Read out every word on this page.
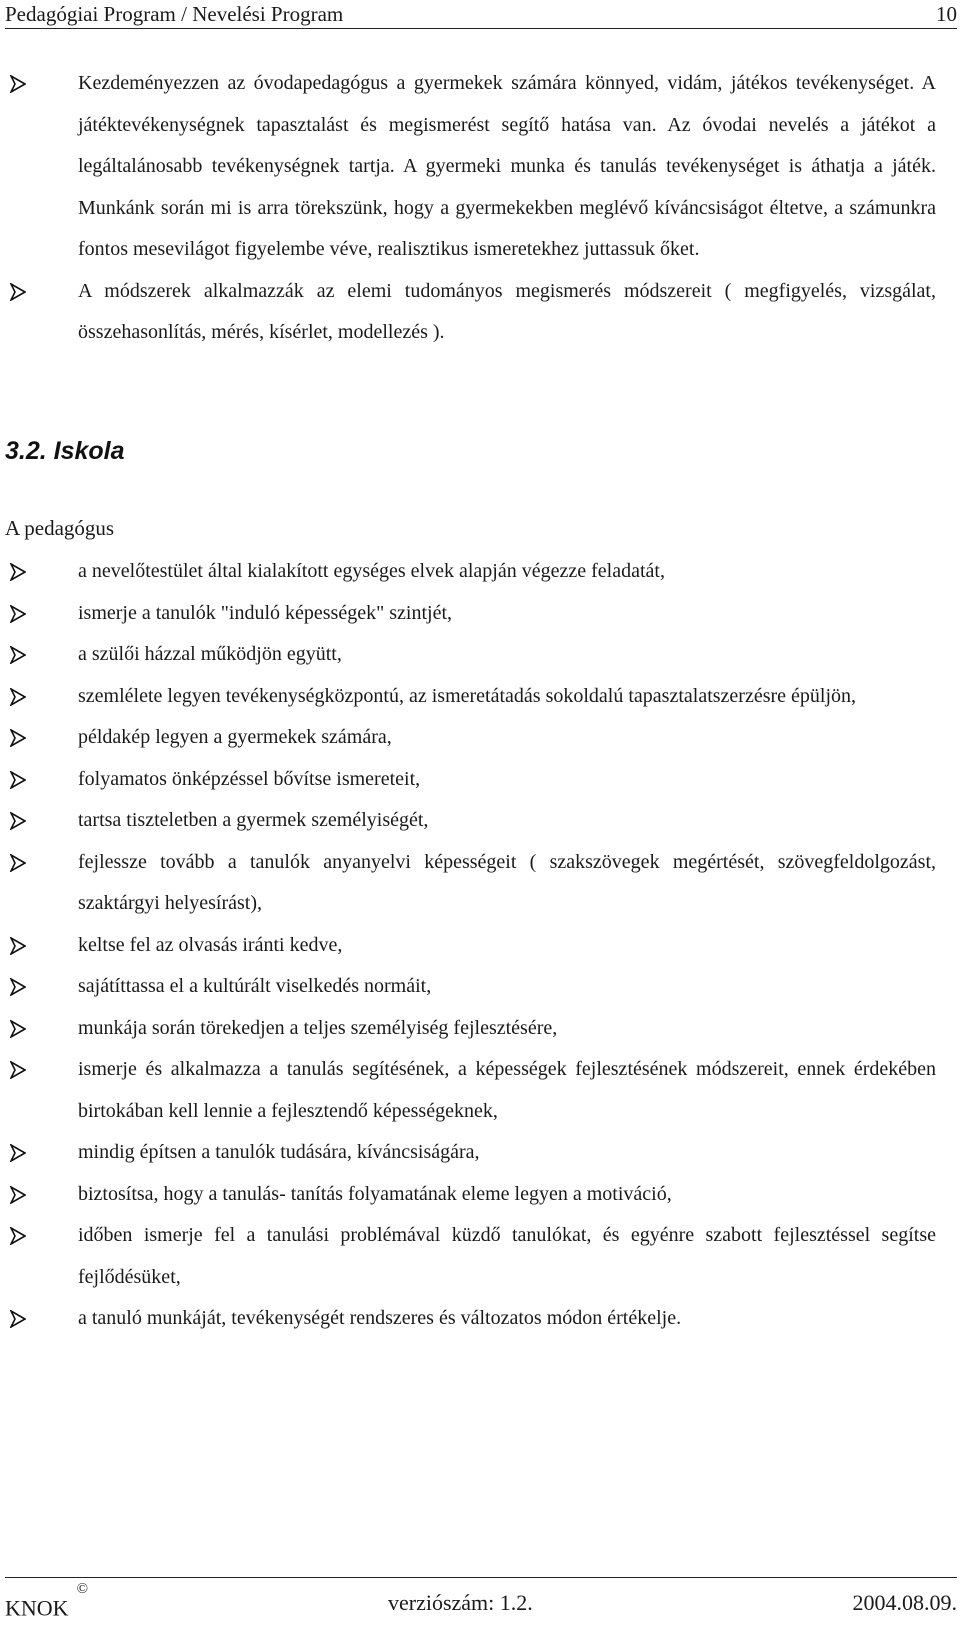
Pedagógiai Program / Nevelési Program	10
Kezdeményezzen az óvodapedagógus a gyermekek számára könnyed, vidám, játékos tevékenységet. A játéktevékenységnek tapasztalást és megismerést segítő hatása van. Az óvodai nevelés a játékot a legáltalánosabb tevékenységnek tartja. A gyermeki munka és tanulás tevékenységet is áthatja a játék. Munkánk során mi is arra törekszünk, hogy a gyermekekben meglévő kíváncsiságot éltetve, a számunkra fontos mesevilágot figyelembe véve, realisztikus ismeretekhez juttassuk őket.
A módszerek alkalmazzák az elemi tudományos megismerés módszereit ( megfigyelés, vizsgálat, összehasonlítás, mérés, kísérlet, modellezés ).
3.2. Iskola
A pedagógus
a nevelőtestület által kialakított egységes elvek alapján végezze feladatát,
ismerje a tanulók "induló képességek" szintjét,
a szülői házzal működjön együtt,
szemlélete legyen tevékenységközpontú, az ismeretátadás sokoldalú tapasztalatszerzésre épüljön,
példakép legyen a gyermekek számára,
folyamatos önképzéssel bővítse ismereteit,
tartsa tiszteletben a gyermek személyiségét,
fejlessze tovább a tanulók anyanyelvi képességeit ( szakszövegek megértését, szövegfeldolgozást, szaktárgyi helyesírást),
keltse fel az olvasás iránti kedve,
sajátíttassa el a kultúrált viselkedés normáit,
munkája során törekedjen a teljes személyiség fejlesztésére,
ismerje és alkalmazza a tanulás segítésének, a képességek fejlesztésének módszereit, ennek érdekében birtokában kell lennie a fejlesztendő képességeknek,
mindig építsen a tanulók tudására, kíváncsiságára,
biztosítsa, hogy a tanulás- tanítás folyamatának eleme legyen a motiváció,
időben ismerje fel a tanulási problémával küzdő tanulókat, és egyénre szabott fejlesztéssel segítse fejlődésüket,
a tanuló munkáját, tevékenységét rendszeres és változatos módon értékelje.
KNOK©
verziószám: 1.2.	2004.08.09.
